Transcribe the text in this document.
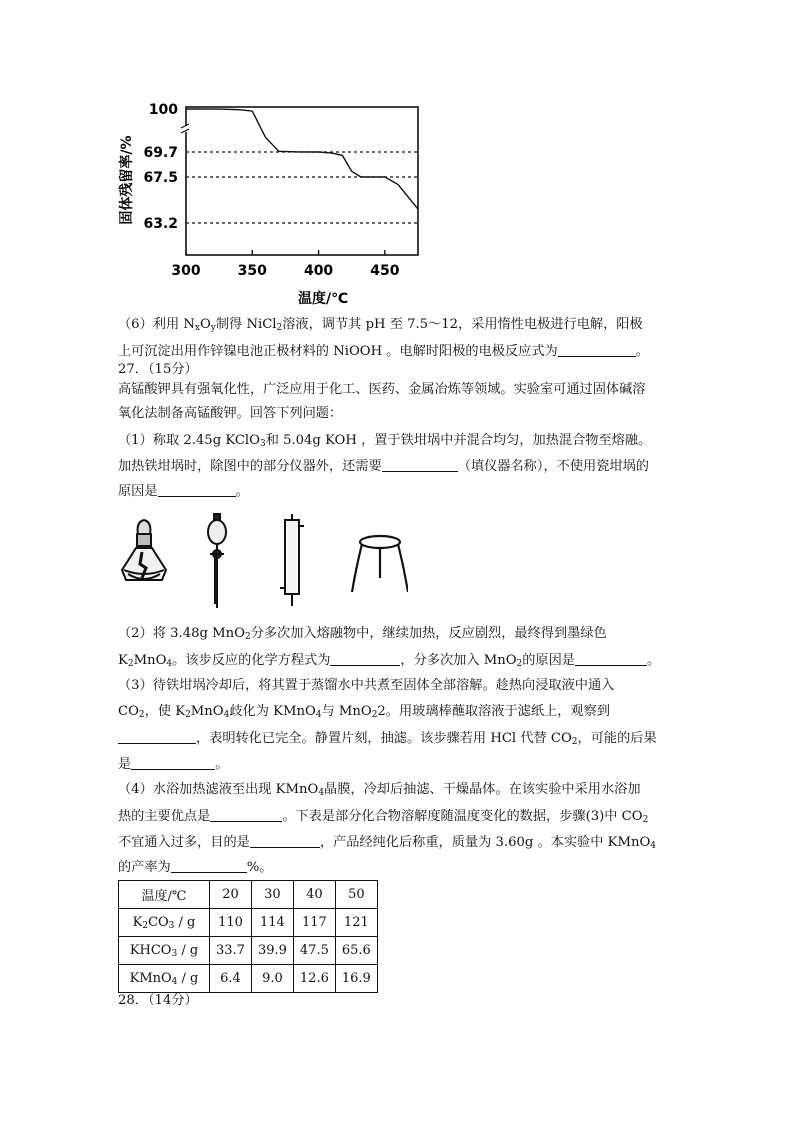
100
69.7
67.5
63.2
300	350	400	450
固体残留率/%
温度/℃
（6）利用 $N_xO_y$制得 NiCl$_2$溶液，调节其 pH 至 7.5～12，采用惰性电极进行电解，阳极
上可沉淀出用作锌镍电池正极材料的 NiOOH 。电解时阳极的电极反应式为	。
27．（15分）
高锰酸钾具有强氧化性，广泛应用于化工、医药、金属冶炼等领域。实验室可通过固体碱溶
氧化法制备高锰酸钾。回答下列问题：
（1）称取 2.45g KClO$_3$和 5.04g KOH ，置于铁坩埚中并混合均匀，加热混合物至熔融。
加热铁坩埚时，除图中的部分仪器外，还需要	（填仪器名称），不使用瓷坩埚的
原因是	。
（2）将 3.48g MnO$_2$分多次加入熔融物中，继续加热，反应剧烈，最终得到墨绿色
$K_2MnO_4$。该步反应的化学方程式为	，分多次加入 MnO$_2$的原因是	。
（3）待铁坩埚冷却后，将其置于蒸馏水中共煮至固体全部溶解。趁热向浸取液中通入
$CO_2$，使 $K_2MnO_4$歧化为 KMnO$_4$与 MnO$_2$2。用玻璃棒蘸取溶液于滤纸上，观察到
，表明转化已完全。静置片刻，抽滤。该步骤若用 HCl 代替 $CO_2$，可能的后果
是	。
（4）水浴加热滤液至出现 KMnO$_4$晶膜，冷却后抽滤、干燥晶体。在该实验中采用水浴加
热的主要优点是	。下表是部分化合物溶解度随温度变化的数据，步骤(3)中 $CO_2$
不宜通入过多，目的是	，产品经纯化后称重，质量为 3.60g 。本实验中 KMnO$_4$
的产率为	%。
温度/℃	20	30	40	50
$K_2CO_3$ / g	110	114	117	121
$KHCO_3$ / g	33.7	39.9	47.5	65.6
KMnO$_4$ / g	6.4	9.0	12.6	16.9
28．（14分）
